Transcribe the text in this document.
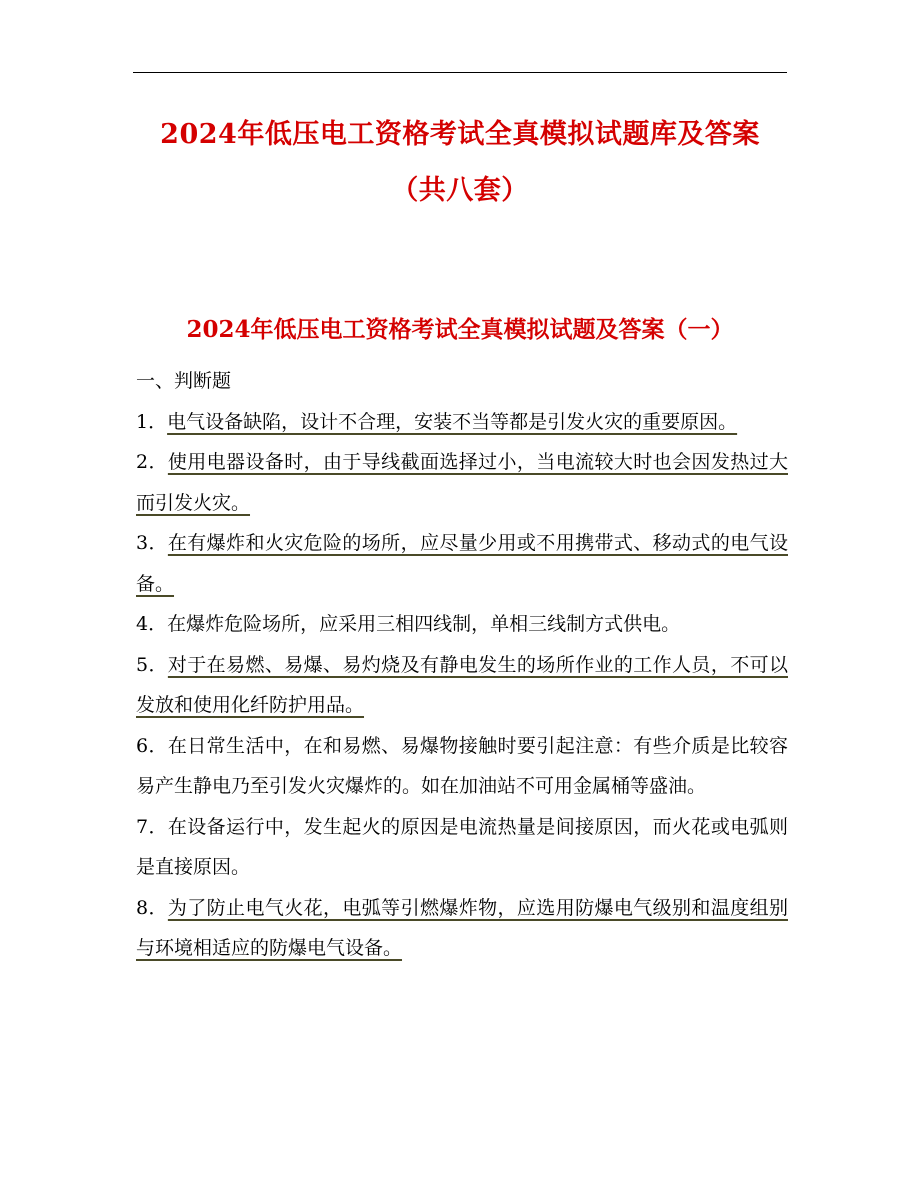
2024年低压电工资格考试全真模拟试题库及答案
（共八套）
2024年低压电工资格考试全真模拟试题及答案（一）

一、判断题

1．电气设备缺陷，设计不合理，安装不当等都是引发火灾的重要原因。

2．使用电器设备时，由于导线截面选择过小，当电流较大时也会因发热过大而引发火灾。

3．在有爆炸和火灾危险的场所，应尽量少用或不用携带式、移动式的电气设备。

4．在爆炸危险场所，应采用三相四线制，单相三线制方式供电。

5．对于在易燃、易爆、易灼烧及有静电发生的场所作业的工作人员，不可以发放和使用化纤防护用品。

6．在日常生活中，在和易燃、易爆物接触时要引起注意：有些介质是比较容易产生静电乃至引发火灾爆炸的。如在加油站不可用金属桶等盛油。

7．在设备运行中，发生起火的原因是电流热量是间接原因，而火花或电弧则是直接原因。

8．为了防止电气火花，电弧等引燃爆炸物，应选用防爆电气级别和温度组别与环境相适应的防爆电气设备。
